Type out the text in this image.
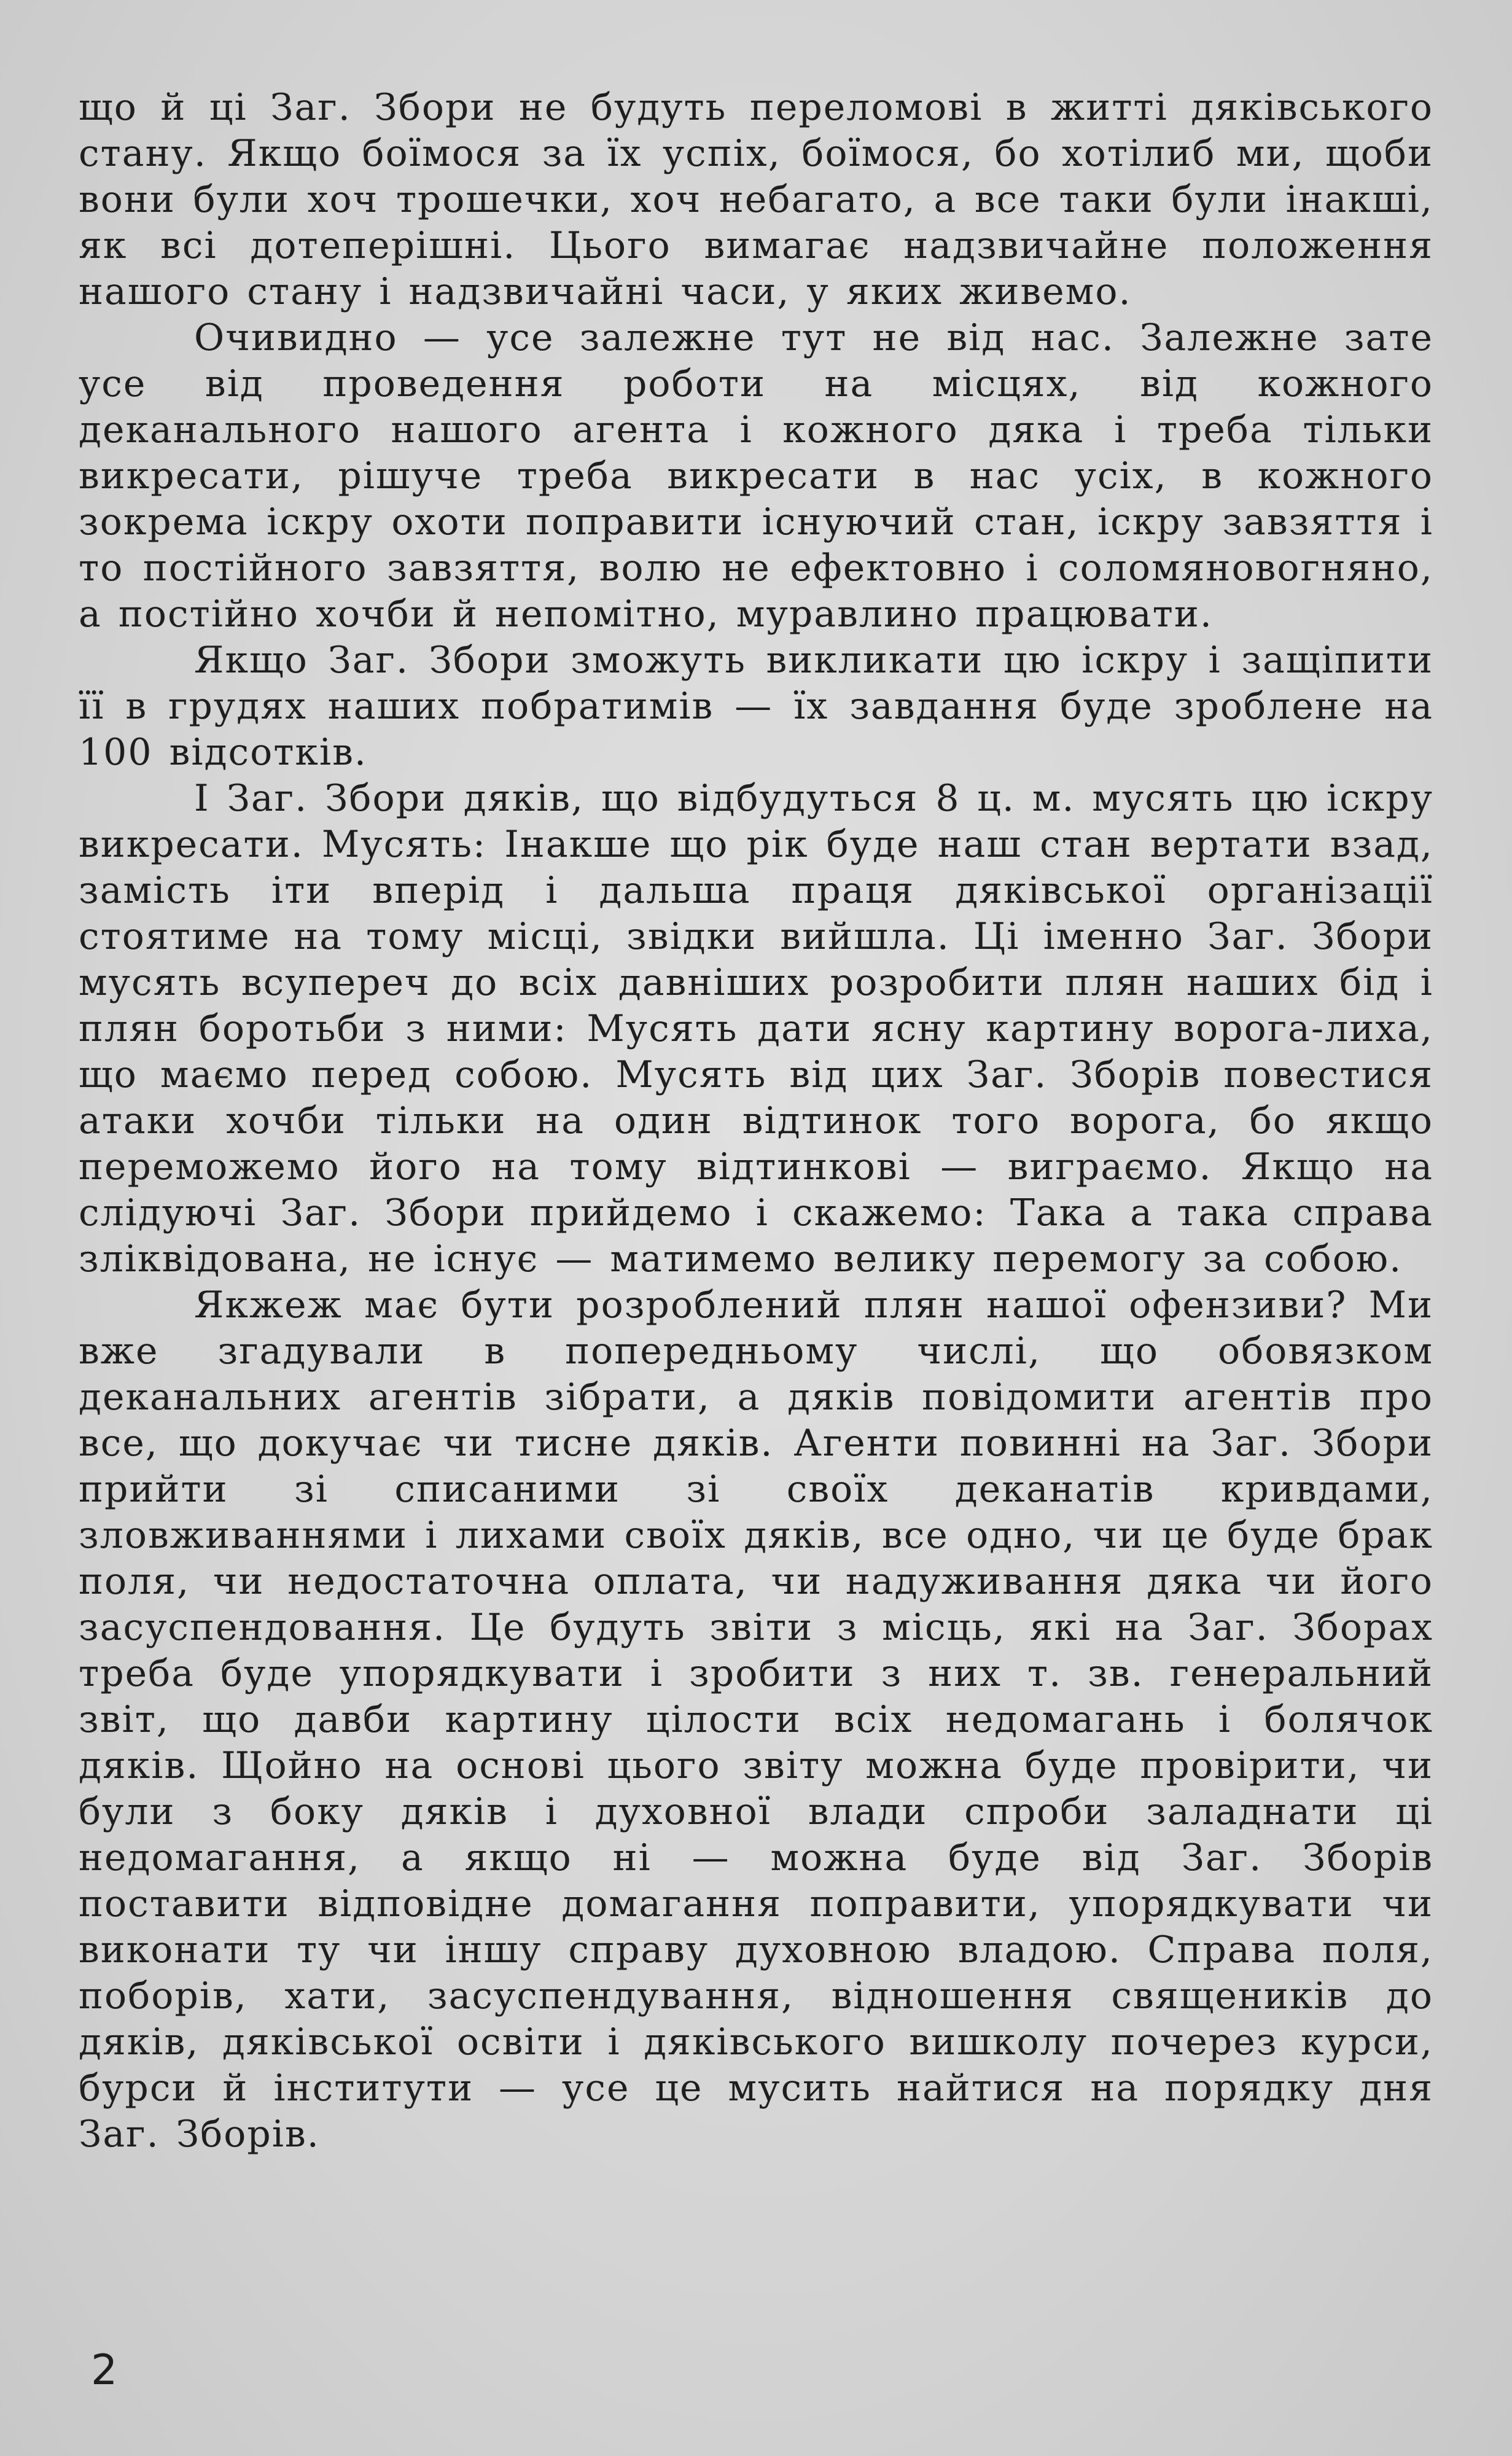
що й ці Заг. Збори не будуть переломові в житті дяківського стану. Якщо боїмося за їх успіх, боїмося, бо хотілиб ми, щоби вони були хоч трошечки, хоч небагато, а все таки були інакші, як всі дотеперішні. Цього вимагає надзвичайне положення нашого стану і надзвичайні часи, у яких живемо.

Очивидно — усе залежне тут не від нас. Залежне зате усе від проведення роботи на місцях, від кожного деканального нашого агента і кожного дяка і треба тільки викресати, рішуче треба викресати в нас усіх, в кожного зокрема іскру охоти поправити існуючий стан, іскру завзяття і то постійного завзяття, волю не ефектовно і соломяновогняно, а постійно хочби й непомітно, муравлино працювати.

Якщо Заг. Збори зможуть викликати цю іскру і защіпити її в грудях наших побратимів — їх завдання буде зроблене на 100 відсотків.

І Заг. Збори дяків, що відбудуться 8 ц. м. мусять цю іскру викресати. Мусять: Інакше що рік буде наш стан вертати взад, замість іти вперід і дальша праця дяківської організації стоятиме на тому місці, звідки вийшла. Ці іменно Заг. Збори мусять всупереч до всіх давніших розробити плян наших бід і плян боротьби з ними: Мусять дати ясну картину ворога-лиха, що маємо перед собою. Мусять від цих Заг. Зборів повестися атаки хочби тільки на один відтинок того ворога, бо якщо переможемо його на тому відтинкові — виграємо. Якщо на слідуючі Заг. Збори прийдемо і скажемо: Така а така справа зліквідована, не існує — матимемо велику перемогу за собою.

Якжеж має бути розроблений плян нашої офензиви? Ми вже згадували в попередньому числі, що обовязком деканальних агентів зібрати, а дяків повідомити агентів про все, що докучає чи тисне дяків. Агенти повинні на Заг. Збори прийти зі списаними зі своїх деканатів кривдами, зловживаннями і лихами своїх дяків, все одно, чи це буде брак поля, чи недостаточна оплата, чи надуживання дяка чи його засуспендовання. Це будуть звіти з місць, які на Заг. Зборах треба буде упорядкувати і зробити з них т. зв. генеральний звіт, що давби картину цілости всіх недомагань і болячок дяків. Щойно на основі цього звіту можна буде провірити, чи були з боку дяків і духовної влади спроби заладнати ці недомагання, а якщо ні — можна буде від Заг. Зборів поставити відповідне домагання поправити, упорядкувати чи виконати ту чи іншу справу духовною владою. Справа поля, поборів, хати, засуспендування, відношення священиків до дяків, дяківської освіти і дяківського вишколу почерез курси, бурси й інститути — усе це мусить найтися на порядку дня Заг. Зборів.

2
